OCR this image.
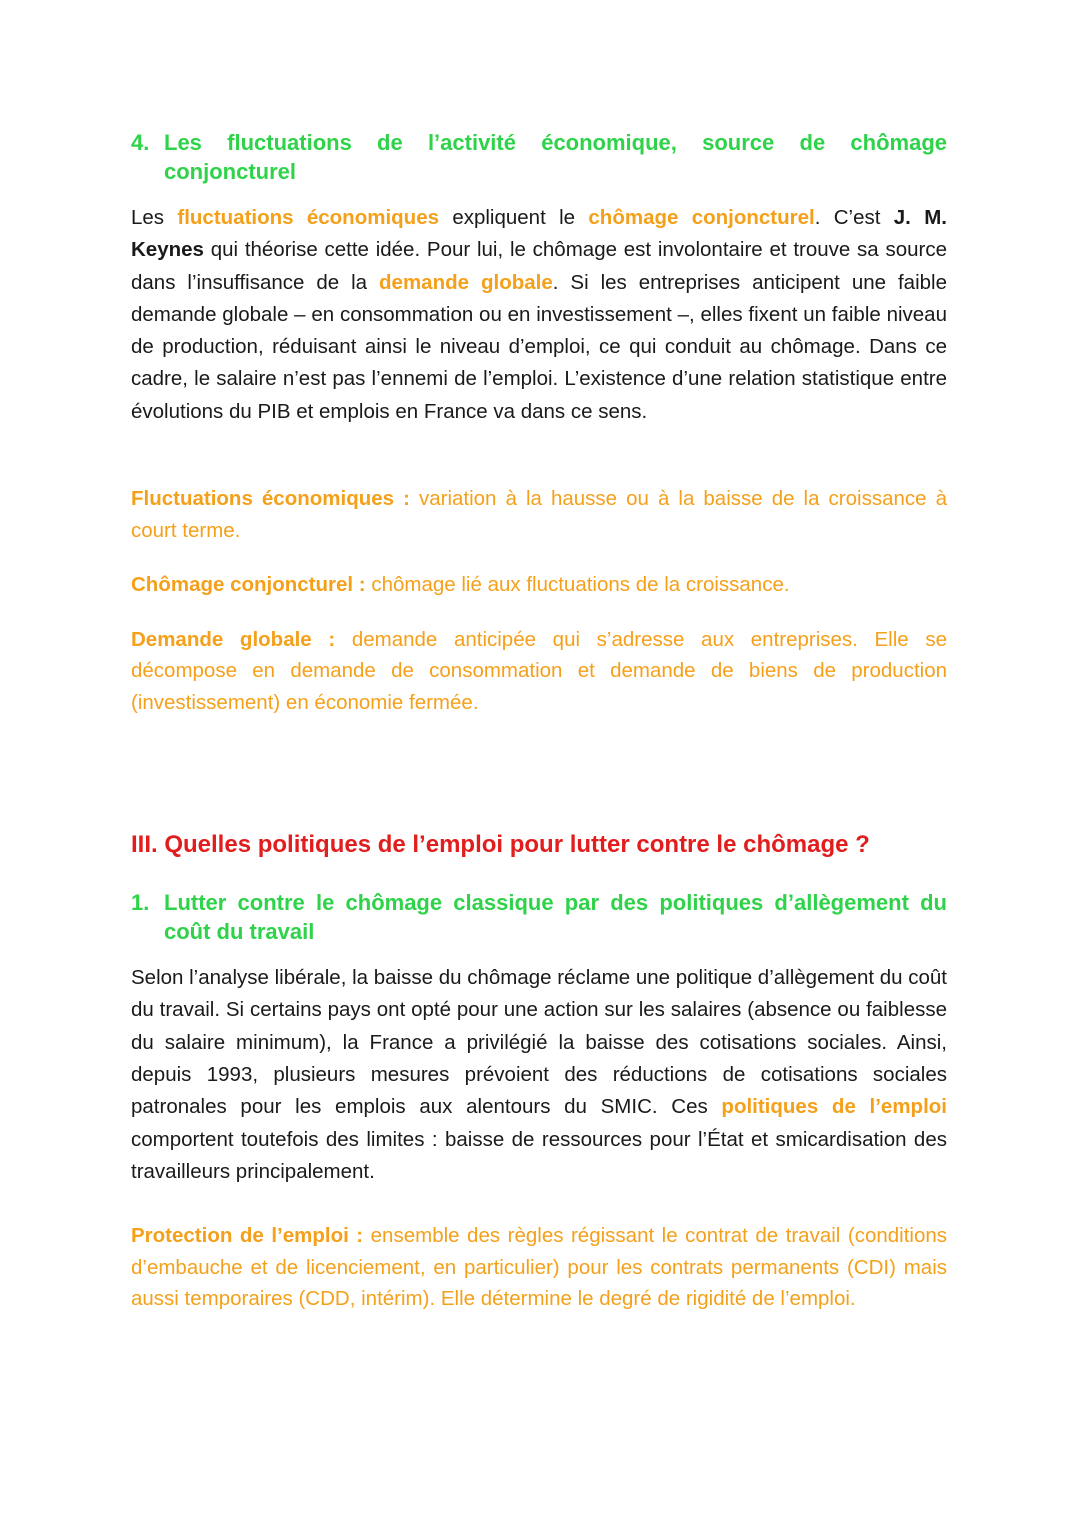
4. Les fluctuations de l’activité économique, source de chômage conjoncturel

Les fluctuations économiques expliquent le chômage conjoncturel. C’est J. M. Keynes qui théorise cette idée. Pour lui, le chômage est involontaire et trouve sa source dans l’insuffisance de la demande globale. Si les entreprises anticipent une faible demande globale – en consommation ou en investissement –, elles fixent un faible niveau de production, réduisant ainsi le niveau d’emploi, ce qui conduit au chômage. Dans ce cadre, le salaire n’est pas l’ennemi de l’emploi. L’existence d’une relation statistique entre évolutions du PIB et emplois en France va dans ce sens.

Fluctuations économiques : variation à la hausse ou à la baisse de la croissance à court terme.

Chômage conjoncturel : chômage lié aux fluctuations de la croissance.

Demande globale : demande anticipée qui s’adresse aux entreprises. Elle se décompose en demande de consommation et demande de biens de production (investissement) en économie fermée.

III. Quelles politiques de l’emploi pour lutter contre le chômage ?
1. Lutter contre le chômage classique par des politiques d’allègement du coût du travail

Selon l’analyse libérale, la baisse du chômage réclame une politique d’allègement du coût du travail. Si certains pays ont opté pour une action sur les salaires (absence ou faiblesse du salaire minimum), la France a privilégié la baisse des cotisations sociales. Ainsi, depuis 1993, plusieurs mesures prévoient des réductions de cotisations sociales patronales pour les emplois aux alentours du SMIC. Ces politiques de l’emploi comportent toutefois des limites : baisse de ressources pour l’État et smicardisation des travailleurs principalement.

Protection de l’emploi : ensemble des règles régissant le contrat de travail (conditions d’embauche et de licenciement, en particulier) pour les contrats permanents (CDI) mais aussi temporaires (CDD, intérim). Elle détermine le degré de rigidité de l’emploi.
